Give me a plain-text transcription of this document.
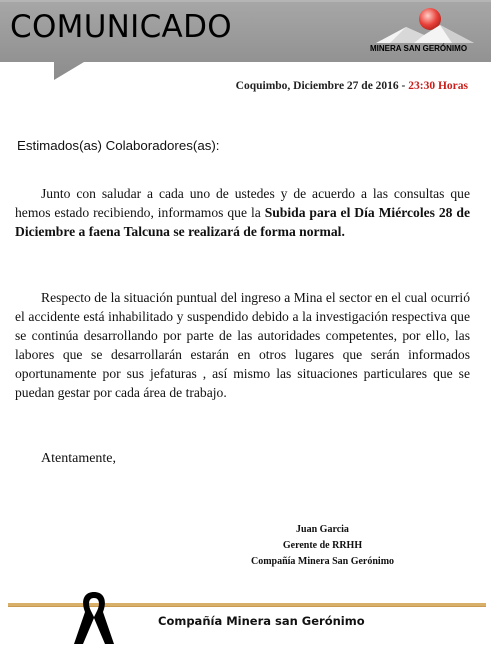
COMUNICADO
MINERA SAN GERÓNIMO
Coquimbo, Diciembre 27 de 2016 - 23:30 Horas
Estimados(as) Colaboradores(as):

Junto con saludar a cada uno de ustedes y de acuerdo a las consultas que hemos estado recibiendo, informamos que la Subida para el Día Miércoles 28 de Diciembre a faena Talcuna se realizará de forma normal.

Respecto de la situación puntual del ingreso a Mina el sector en el cual ocurrió el accidente está inhabilitado y suspendido debido a la investigación respectiva que se continúa desarrollando por parte de las autoridades competentes, por ello, las labores que se desarrollarán estarán en otros lugares que serán informados oportunamente por sus jefaturas , así mismo las situaciones particulares que se puedan gestar por cada área de trabajo.

Atentamente,
Juan Garcia
Gerente de RRHH
Compañía Minera San Gerónimo
Compañía Minera san Gerónimo
